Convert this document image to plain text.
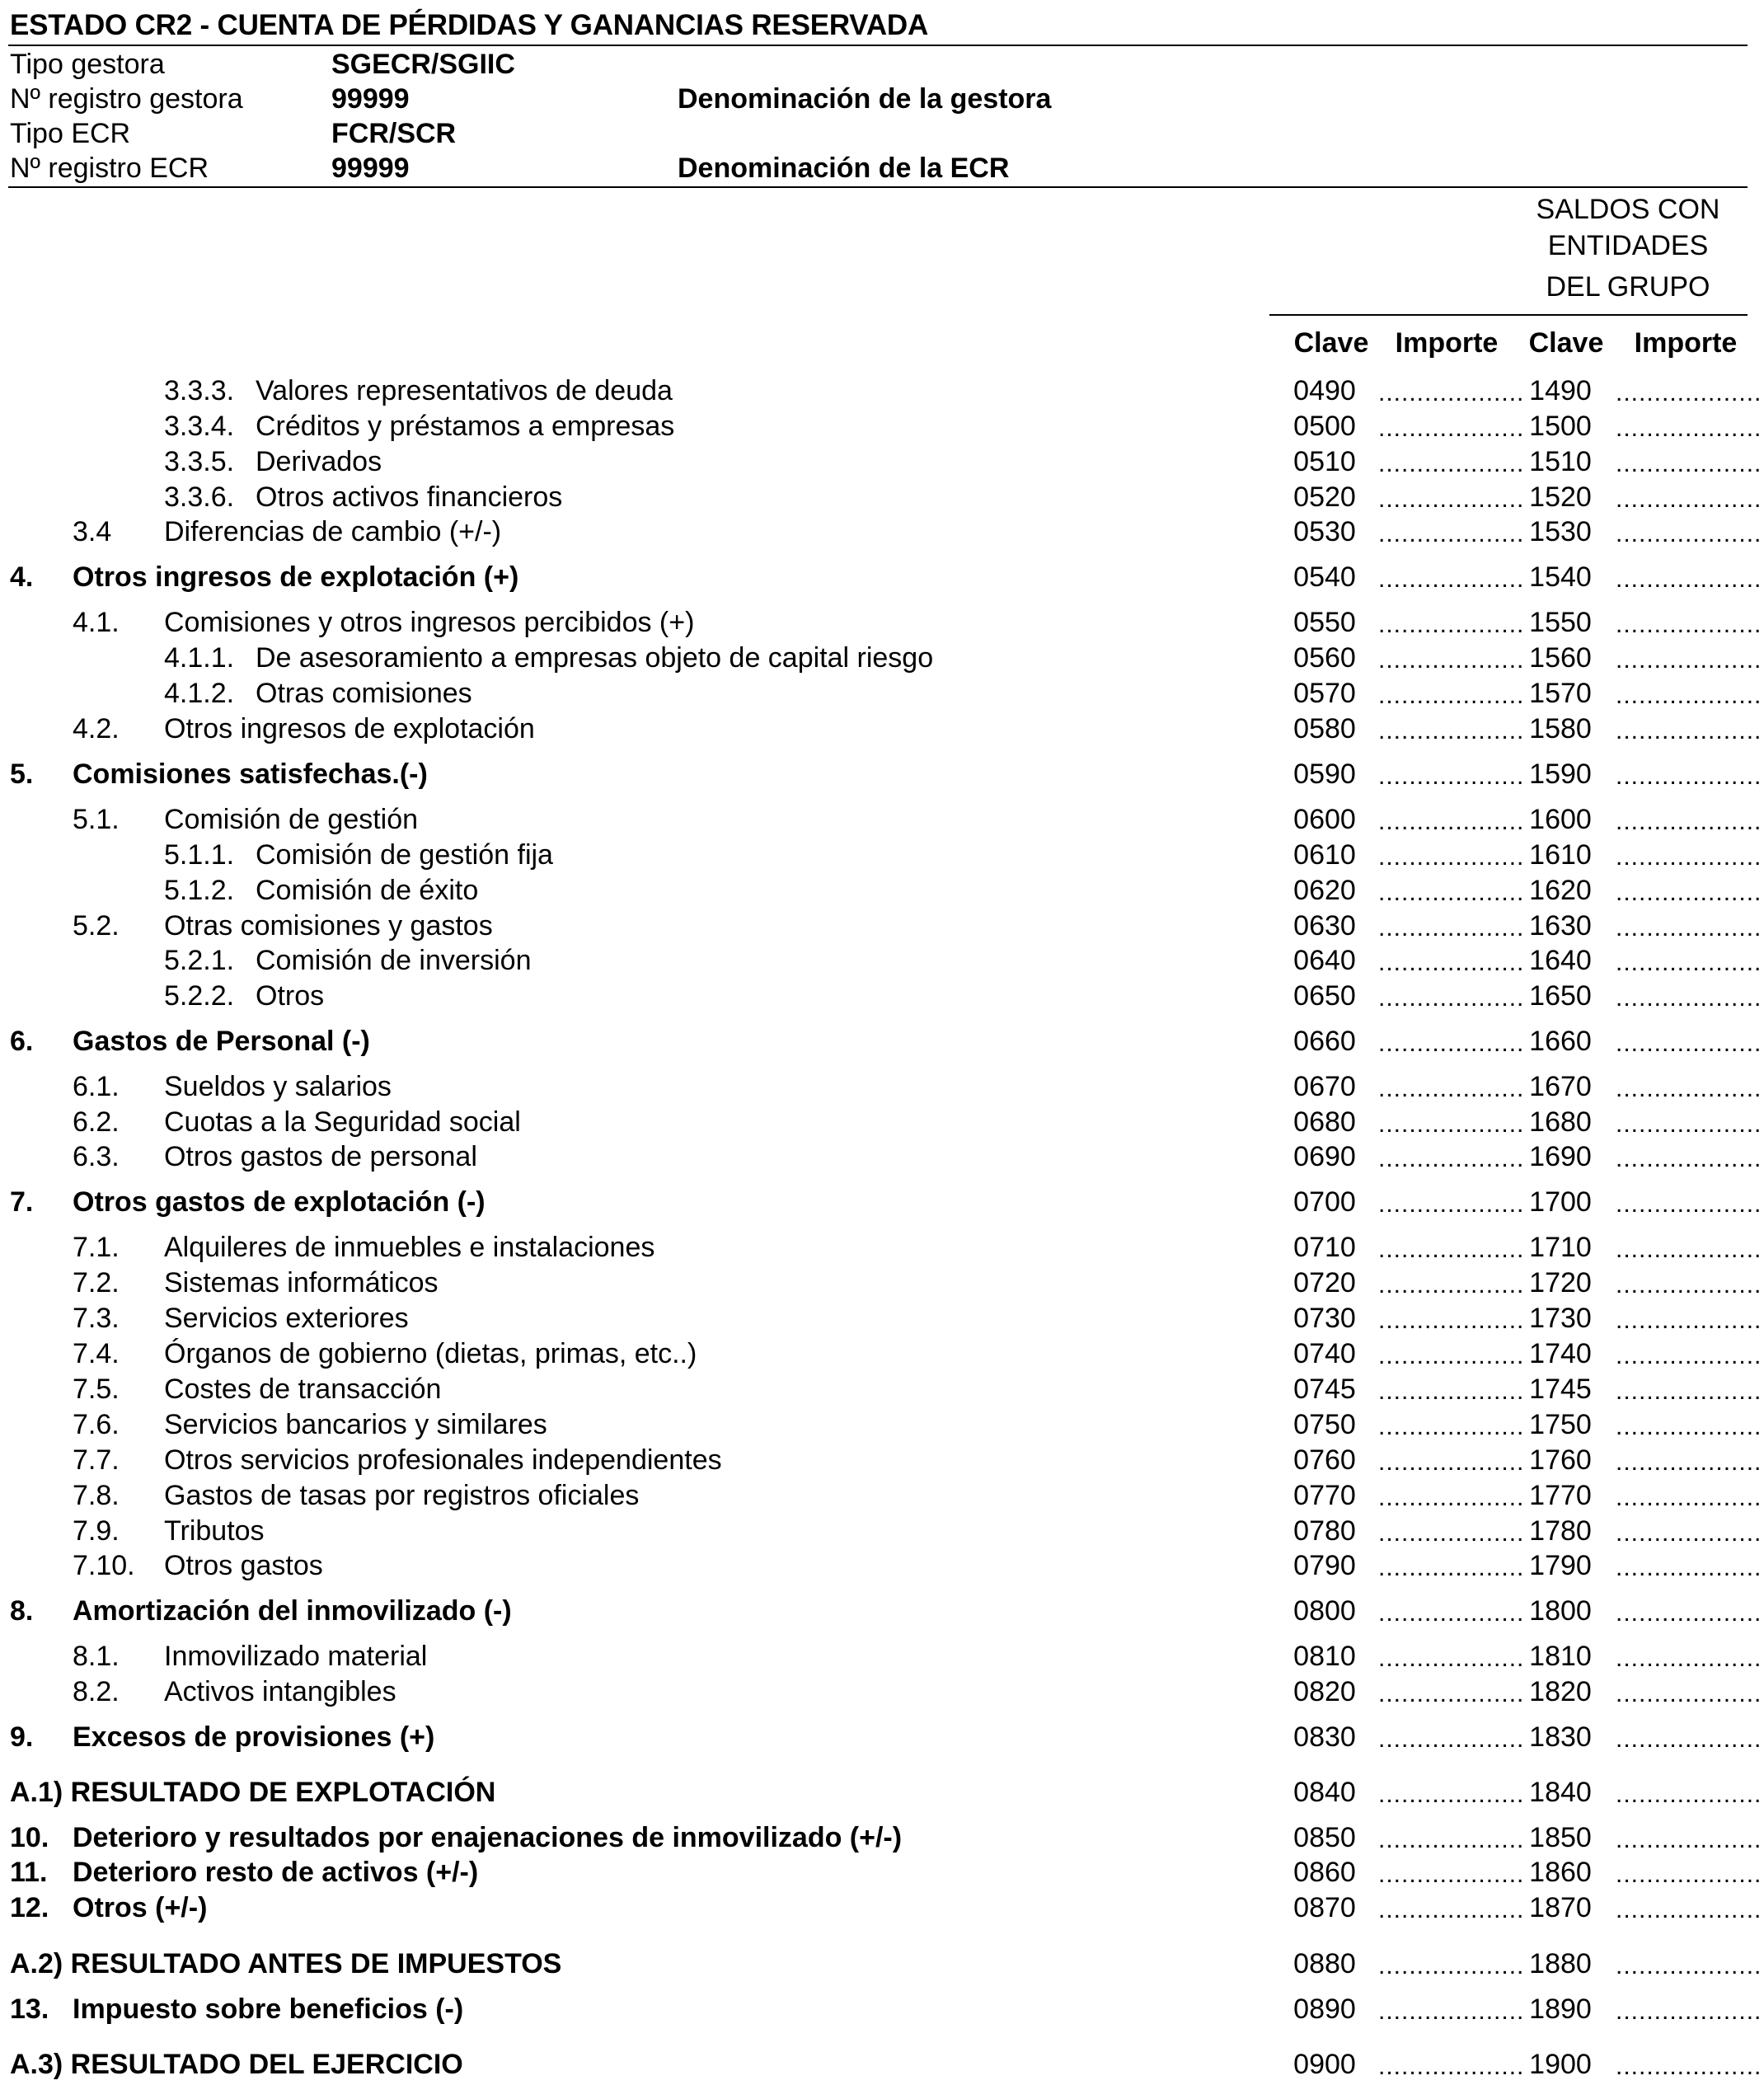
ESTADO CR2 - CUENTA DE PÉRDIDAS Y GANANCIAS RESERVADA
Tipo gestora	SGECR/SGIIC
Nº registro gestora	99999	Denominación de la gestora
Tipo ECR	FCR/SCR
Nº registro ECR	99999	Denominación de la ECR
SALDOS CON
ENTIDADES
DEL GRUPO
Clave Importe	Clave	Importe
3.3.3. Valores representativos de deuda	0490 ................... 1490 ...................
3.3.4. Créditos y préstamos a empresas	0500 ................... 1500 ...................
3.3.5. Derivados	0510 ................... 1510 ...................
3.3.6. Otros activos financieros	0520 ................... 1520 ...................
3.4 Diferencias de cambio (+/-)	0530 ................... 1530 ...................
4. Otros ingresos de explotación (+)	0540 ................... 1540 ...................
4.1. Comisiones y otros ingresos percibidos (+)	0550 ................... 1550 ...................
4.1.1. De asesoramiento a empresas objeto de capital riesgo	0560 ................... 1560 ...................
4.1.2. Otras comisiones	0570 ................... 1570 ...................
4.2. Otros ingresos de explotación	0580 ................... 1580 ...................
5. Comisiones satisfechas.(-)	0590 ................... 1590 ...................
5.1. Comisión de gestión	0600 ................... 1600 ...................
5.1.1. Comisión de gestión fija	0610 ................... 1610 ...................
5.1.2. Comisión de éxito	0620 ................... 1620 ...................
5.2. Otras comisiones y gastos	0630 ................... 1630 ...................
5.2.1. Comisión de inversión	0640 ................... 1640 ...................
5.2.2. Otros	0650 ................... 1650 ...................
6. Gastos de Personal (-)	0660 ................... 1660 ...................
6.1. Sueldos y salarios	0670 ................... 1670 ...................
6.2. Cuotas a la Seguridad social	0680 ................... 1680 ...................
6.3. Otros gastos de personal	0690 ................... 1690 ...................
7. Otros gastos de explotación (-)	0700 ................... 1700 ...................
7.1. Alquileres de inmuebles e instalaciones	0710 ................... 1710 ...................
7.2. Sistemas informáticos	0720 ................... 1720 ...................
7.3. Servicios exteriores	0730 ................... 1730 ...................
7.4. Órganos de gobierno (dietas, primas, etc..)	0740 ................... 1740 ...................
7.5. Costes de transacción	0745 ................... 1745 ...................
7.6. Servicios bancarios y similares	0750 ................... 1750 ...................
7.7. Otros servicios profesionales independientes	0760 ................... 1760 ...................
7.8. Gastos de tasas por registros oficiales	0770 ................... 1770 ...................
7.9. Tributos	0780 ................... 1780 ...................
7.10. Otros gastos	0790 ................... 1790 ...................
8. Amortización del inmovilizado (-)	0800 ................... 1800 ...................
8.1. Inmovilizado material	0810 ................... 1810 ...................
8.2. Activos intangibles	0820 ................... 1820 ...................
9. Excesos de provisiones (+)	0830 ................... 1830 ...................
A.1) RESULTADO DE EXPLOTACIÓN	0840 ................... 1840 ...................
10. Deterioro y resultados por enajenaciones de inmovilizado (+/-)	0850 ................... 1850 ...................
11. Deterioro resto de activos (+/-)	0860 ................... 1860 ...................
12. Otros (+/-)	0870 ................... 1870 ...................
A.2) RESULTADO ANTES DE IMPUESTOS	0880 ................... 1880 ...................
13. Impuesto sobre beneficios (-)	0890 ................... 1890 ...................
A.3) RESULTADO DEL EJERCICIO	0900 ................... 1900 ...................
